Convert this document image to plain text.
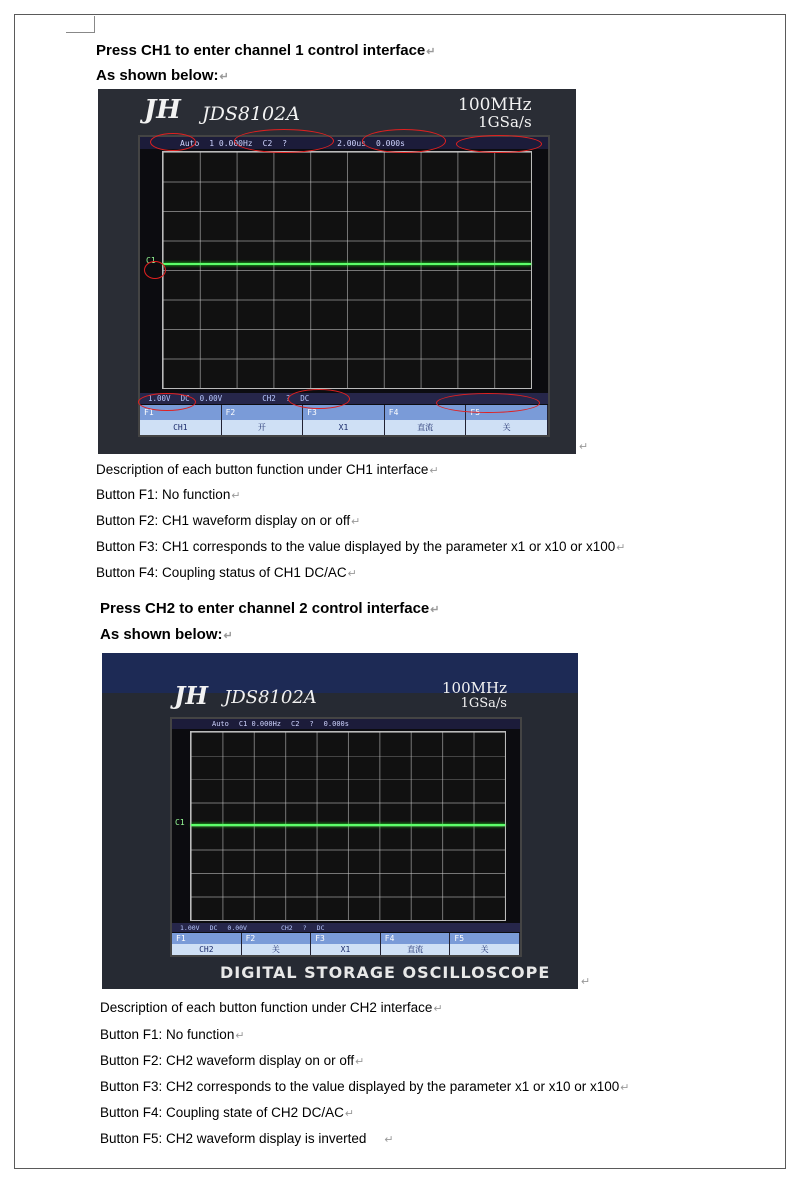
Press CH1 to enter channel 1 control interface↵
As shown below:↵
JH JDS8102A	100MHz
1GSa/s
Auto 1 0.000Hz C2 ?	2.00us 0.000s
C1
1.00V DC 0.00V	CH2 ? DC
F1
CH1
F2
开
F3
X1
F4
直流
F5
关
↵
Description of each button function under CH1 interface↵
Button F1: No function↵
Button F2: CH1 waveform display on or off↵
Button F3: CH1 corresponds to the value displayed by the parameter x1 or x10 or x100↵
Button F4: Coupling status of CH1 DC/AC↵
Press CH2 to enter channel 2 control interface↵
As shown below:↵
JH JDS8102A	100MHz
1GSa/s
Auto C1 0.000Hz C2 ? 0.000s
C1
1.00V DC 0.00V	CH2 ? DC
F1
CH2
F2
关
F3
X1
F4
直流
F5
关
DIGITAL STORAGE OSCILLOSCOPE	↵
Description of each button function under CH2 interface↵
Button F1: No function↵
Button F2: CH2 waveform display on or off↵
Button F3: CH2 corresponds to the value displayed by the parameter x1 or x10 or x100↵
Button F4: Coupling state of CH2 DC/AC↵
Button F5: CH2 waveform display is inverted ↵
